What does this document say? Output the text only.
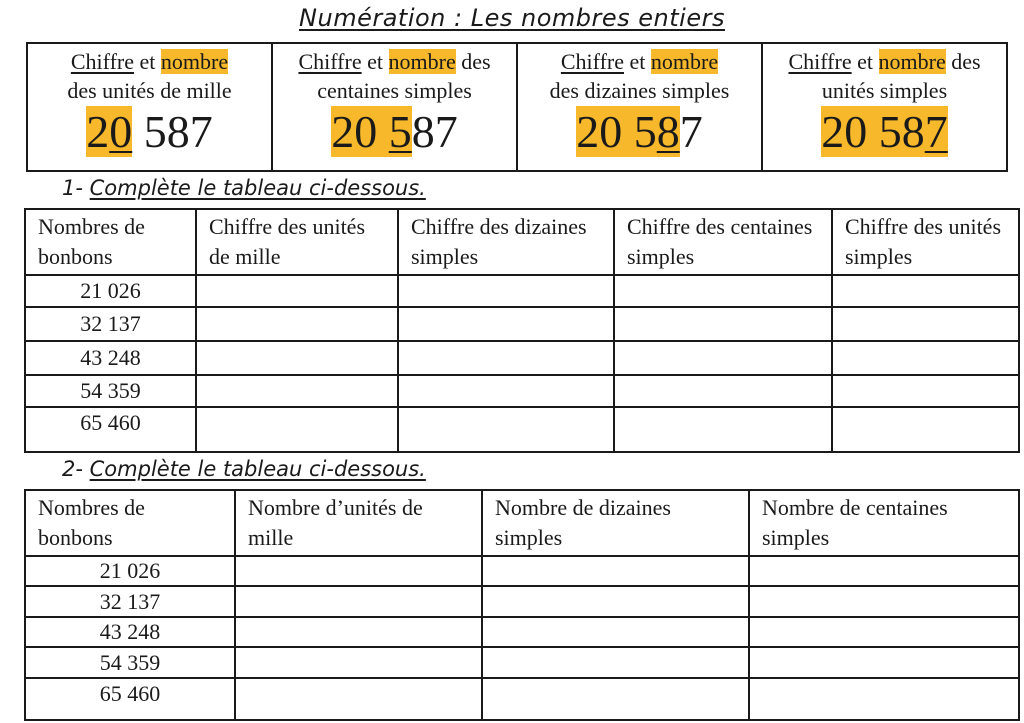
Numération : Les nombres entiers
Chiffre et nombre
des unités de mille
20 587

Chiffre et nombre des
centaines simples
20 587

Chiffre et nombre
des dizaines simples
20 587

Chiffre et nombre des
unités simples
20 587
1- Complète le tableau ci-dessous.
Nombres de bonbons	Chiffre des unités de mille	Chiffre des dizaines simples	Chiffre des centaines simples	Chiffre des unités simples
21 026				
32 137				
43 248				
54 359				
65 460				
2- Complète le tableau ci-dessous.
Nombres de bonbons	Nombre d’unités de mille	Nombre de dizaines simples	Nombre de centaines simples
21 026			
32 137			
43 248			
54 359			
65 460			
